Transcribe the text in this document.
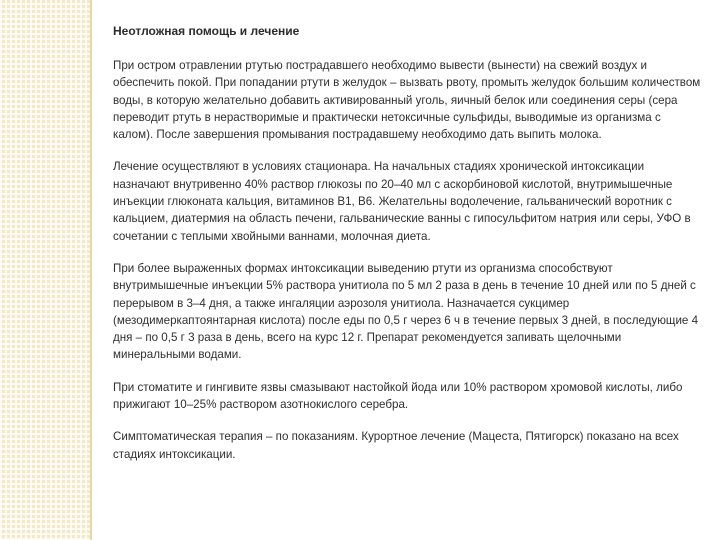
Неотложная помощь и лечение

При остром отравлении ртутью пострадавшего необходимо вывести (вынести) на свежий воздух и обеспечить покой. При попадании ртути в желудок – вызвать рвоту, промыть желудок большим количеством воды, в которую желательно добавить активированный уголь, яичный белок или соединения серы (сера переводит ртуть в нерастворимые и практически нетоксичные сульфиды, выводимые из организма с калом). После завершения промывания пострадавшему необходимо дать выпить молока.

Лечение осуществляют в условиях стационара. На начальных стадиях хронической интоксикации назначают внутривенно 40% раствор глюкозы по 20–40 мл с аскорбиновой кислотой, внутримышечные инъекции глюконата кальция, витаминов B1, B6. Желательны водолечение, гальванический воротник с кальцием, диатермия на область печени, гальванические ванны с гипосульфитом натрия или серы, УФО в сочетании с теплыми хвойными ваннами, молочная диета.

При более выраженных формах интоксикации выведению ртути из организма способствуют внутримышечные инъекции 5% раствора унитиола по 5 мл 2 раза в день в течение 10 дней или по 5 дней с перерывом в 3–4 дня, а также ингаляции аэрозоля унитиола. Назначается сукцимер (мезодимеркаптоянтарная кислота) после еды по 0,5 г через 6 ч в течение первых 3 дней, в последующие 4 дня – по 0,5 г 3 раза в день, всего на курс 12 г. Препарат рекомендуется запивать щелочными минеральными водами.

При стоматите и гингивите язвы смазывают настойкой йода или 10% раствором хромовой кислоты, либо прижигают 10–25% раствором азотнокислого серебра.

Симптоматическая терапия – по показаниям. Курортное лечение (Мацеста, Пятигорск) показано на всех стадиях интоксикации.
